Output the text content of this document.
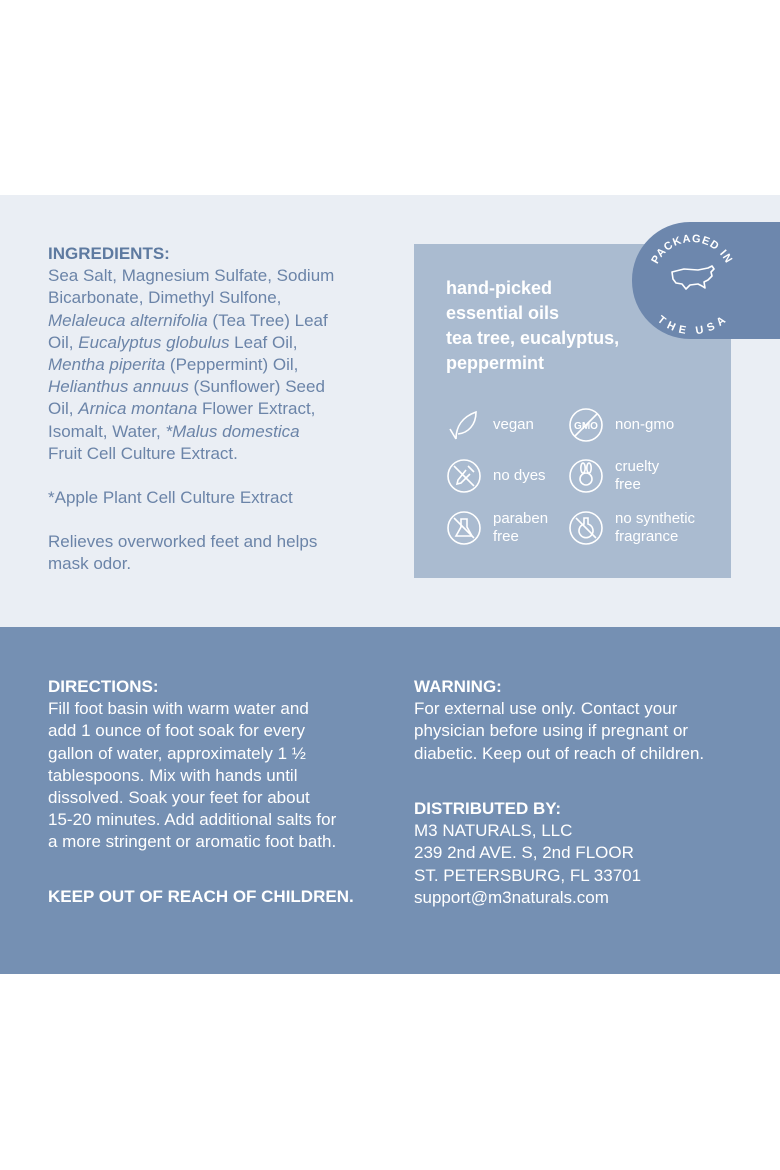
INGREDIENTS:

Sea Salt, Magnesium Sulfate, Sodium

Bicarbonate, Dimethyl Sulfone,

Melaleuca alternifolia (Tea Tree) Leaf

Oil, Eucalyptus globulus Leaf Oil,

Mentha piperita (Peppermint) Oil,

Helianthus annuus (Sunflower) Seed

Oil, Arnica montana Flower Extract,

Isomalt, Water, *Malus domestica

Fruit Cell Culture Extract.

*Apple Plant Cell Culture Extract

Relieves overworked feet and helps

mask odor.

hand-picked
essential oils
tea tree, eucalyptus,
peppermint
PACKAGED IN
THE USA
vegan	GMO non-gmo
no dyes
cruelty
free
paraben
free
no synthetic
fragrance

DIRECTIONS:

Fill foot basin with warm water and

add 1 ounce of foot soak for every

gallon of water, approximately 1 ½

tablespoons. Mix with hands until

dissolved. Soak your feet for about

15-20 minutes. Add additional salts for

a more stringent or aromatic foot bath.

KEEP OUT OF REACH OF CHILDREN.

WARNING:

For external use only. Contact your

physician before using if pregnant or

diabetic. Keep out of reach of children.

DISTRIBUTED BY:

M3 NATURALS, LLC

239 2nd AVE. S, 2nd FLOOR

ST. PETERSBURG, FL 33701

support@m3naturals.com
